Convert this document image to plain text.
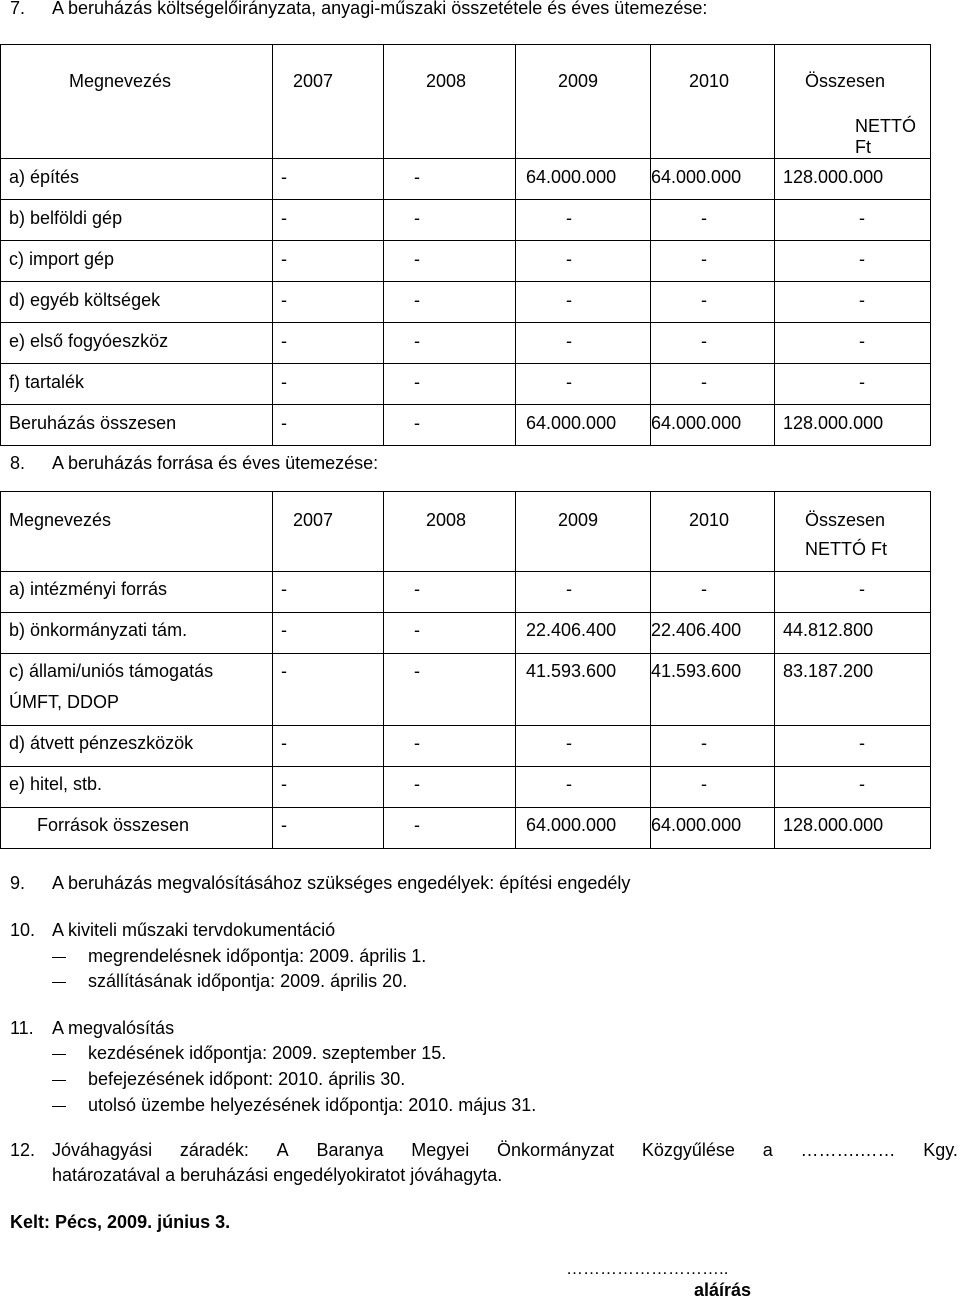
7. A beruházás költségelőirányzata, anyagi-műszaki összetétele és éves ütemezése:
Megnevezés	2007	2008	2009	2010	Összesen
NETTÓ Ft

a) építés	-	-	64.000.000	64.000.000	128.000.000

b) belföldi gép	-	-	-	-	-

c) import gép	-	-	-	-	-

d) egyéb költségek	-	-	-	-	-

e) első fogyóeszköz	-	-	-	-	-

f) tartalék	-	-	-	-	-

Beruházás összesen	-	-	64.000.000	64.000.000	128.000.000
8. A beruházás forrása és éves ütemezése:
Megnevezés	2007	2008	2009	2010	Összesen
NETTÓ Ft

a) intézményi forrás	-	-	-	-	-

b) önkormányzati tám.	-	-	22.406.400	22.406.400	44.812.800

c) állami/uniós támogatás
ÚMFT, DDOP	-	-	41.593.600	41.593.600	83.187.200

d) átvett pénzeszközök	-	-	-	-	-

e) hitel, stb.	-	-	-	-	-

Források összesen	-	-	64.000.000	64.000.000	128.000.000
9. A beruházás megvalósításához szükséges engedélyek: építési engedély
10. A kiviteli műszaki tervdokumentáció
megrendelésnek időpontja: 2009. április 1.
szállításának időpontja: 2009. április 20.
11. A megvalósítás
kezdésének időpontja: 2009. szeptember 15.
befejezésének időpont: 2010. április 30.
utolsó üzembe helyezésének időpontja: 2010. május 31.
12. Jóváhagyási záradék: A Baranya Megyei Önkormányzat Közgyűlése a ……….…… Kgy.
határozatával a beruházási engedélyokiratot jóváhagyta.
Kelt: Pécs, 2009. június 3.
………………………..
aláírás
